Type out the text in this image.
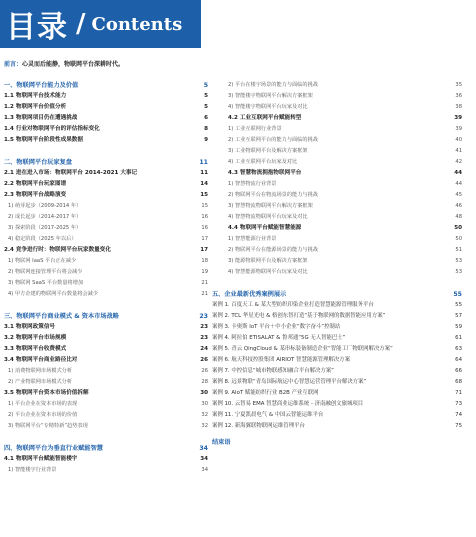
目录 / Contents
前言：心灵而后能静，物联网平台深耕时代。
一、物联网平台能力及价值	5
1.1 物联网平台技术能力	5
1.2 物联网平台价值分析	5
1.3 物联网项目仍在遭遇挑战	6
1.4 行业对物联网平台的评估指标变化	8
1.5 物联网平台阶段性成果数据	9
二、物联网平台玩家复盘	11
2.1 进在进入市场：物联网平台 2014-2021 大事记	11
2.2 物联网平台玩家图谱	14
2.3 物联网平台战略演变	15
1) 萌芽起步（2009-2014 年）	15
2) 成长起步（2014-2017 年）	16
3) 探索阶段（2017-2025 年）	16
4) 稳定阶段（2025 年以后）	17
2.4 竞争进行时：物联网平台玩家数量变化	17
1) 物联网 IaaS 平台正在减少	18
2) 物联网连接管理平台将会减少	19
3) 物联网 SaaS 平台数量将增加	21
4) 甲方企建的物联网平台数量将会减少	21
三、物联网平台商业模式 & 资本市场战略	23
3.1 物联网政策信号	23
3.2 物联网平台市场规模	23
3.3 物联网平台收费模式	24
3.4 物联网平台商业路径比对	26
1) 消费物联网市场模式分析	26
2) 产业物联网市场模式分析	28
3.5 物联网平台资本市场价值拆解	30
1) 平台企业在资本市场的表现	30
2) 平台企业在资本市场的价值	32
3) 物联网平台“专精特新”趋势表现	32
四、物联网平台为垂直行业赋能智慧	34
4.1 物联网平台赋能智能楼宇	34
1) 智能楼宇行业背景	34
2) 平台在楼宇场景的能力与面临的挑战	35
3) 智能楼宇物联网平台解决方案框架	36
4) 智能楼宇物联网平台玩家及对比	38
4.2 工业互联网平台赋能转型	39
1) 工业互联网行业背景	39
2) 工业互联网平台的能力与面临的挑战	40
3) 工业物联网平台及解决方案框架	41
4) 工业互联网平台玩家及对比	42
4.3 智慧物流拥抱物联网平台	44
1) 智慧物流行业背景	44
2) 物联网平台在物流场景的能力与挑战	45
3) 智慧物流物联网平台解决方案框架	46
4) 智慧物流物联网平台玩家及对比	48
4.4 物联网平台赋能智慧能源	50
1) 智慧能源行业背景	50
2) 物联网平台在能源场景的能力与挑战	51
3) 能源物联网平台及解决方案框架	53
4) 智慧能源物联网平台玩家及对比	53
五、企业最新优秀案例展示	55
案例 1. 百度天工 & 某大型纺织印染企业打造智慧能源管理服务平台	55
案例 2. TCL 华星光电 & 格创东智打造“基于物联网的数据智能应用方案”	57
案例 3. 卡奥斯 IoT 平台＋中小企业“数字奋斗”控制站	59
案例 4. 阿拉伯 ETISALAT & 鲁邦通“5G 无人智能巴士”	61
案例 5. 青云 QingCloud & 某串标装备制造企业“智能工厂物联网解决方案”	63
案例 6. 航天科技控股集团 AIRIOT 智慧能源管理解决方案	64
案例 7. 中控信息“城市物联感知融合平台解决方案”	66
案例 8. 远景物联“青岛国际航运中心智慧运营管理平台解决方案”	68
案例 9. AIoT 赋能纺织行业 B2B 产业互联网	71
案例 10. 云智易 EMA 智慧商业运维系统 - 济南融创文旅城项目	73
案例 11. 宁夏凯晨电气 & 中国云智能运维平台	74
案例 12. 新海翼联物联网运维管理平台	75
结束语
